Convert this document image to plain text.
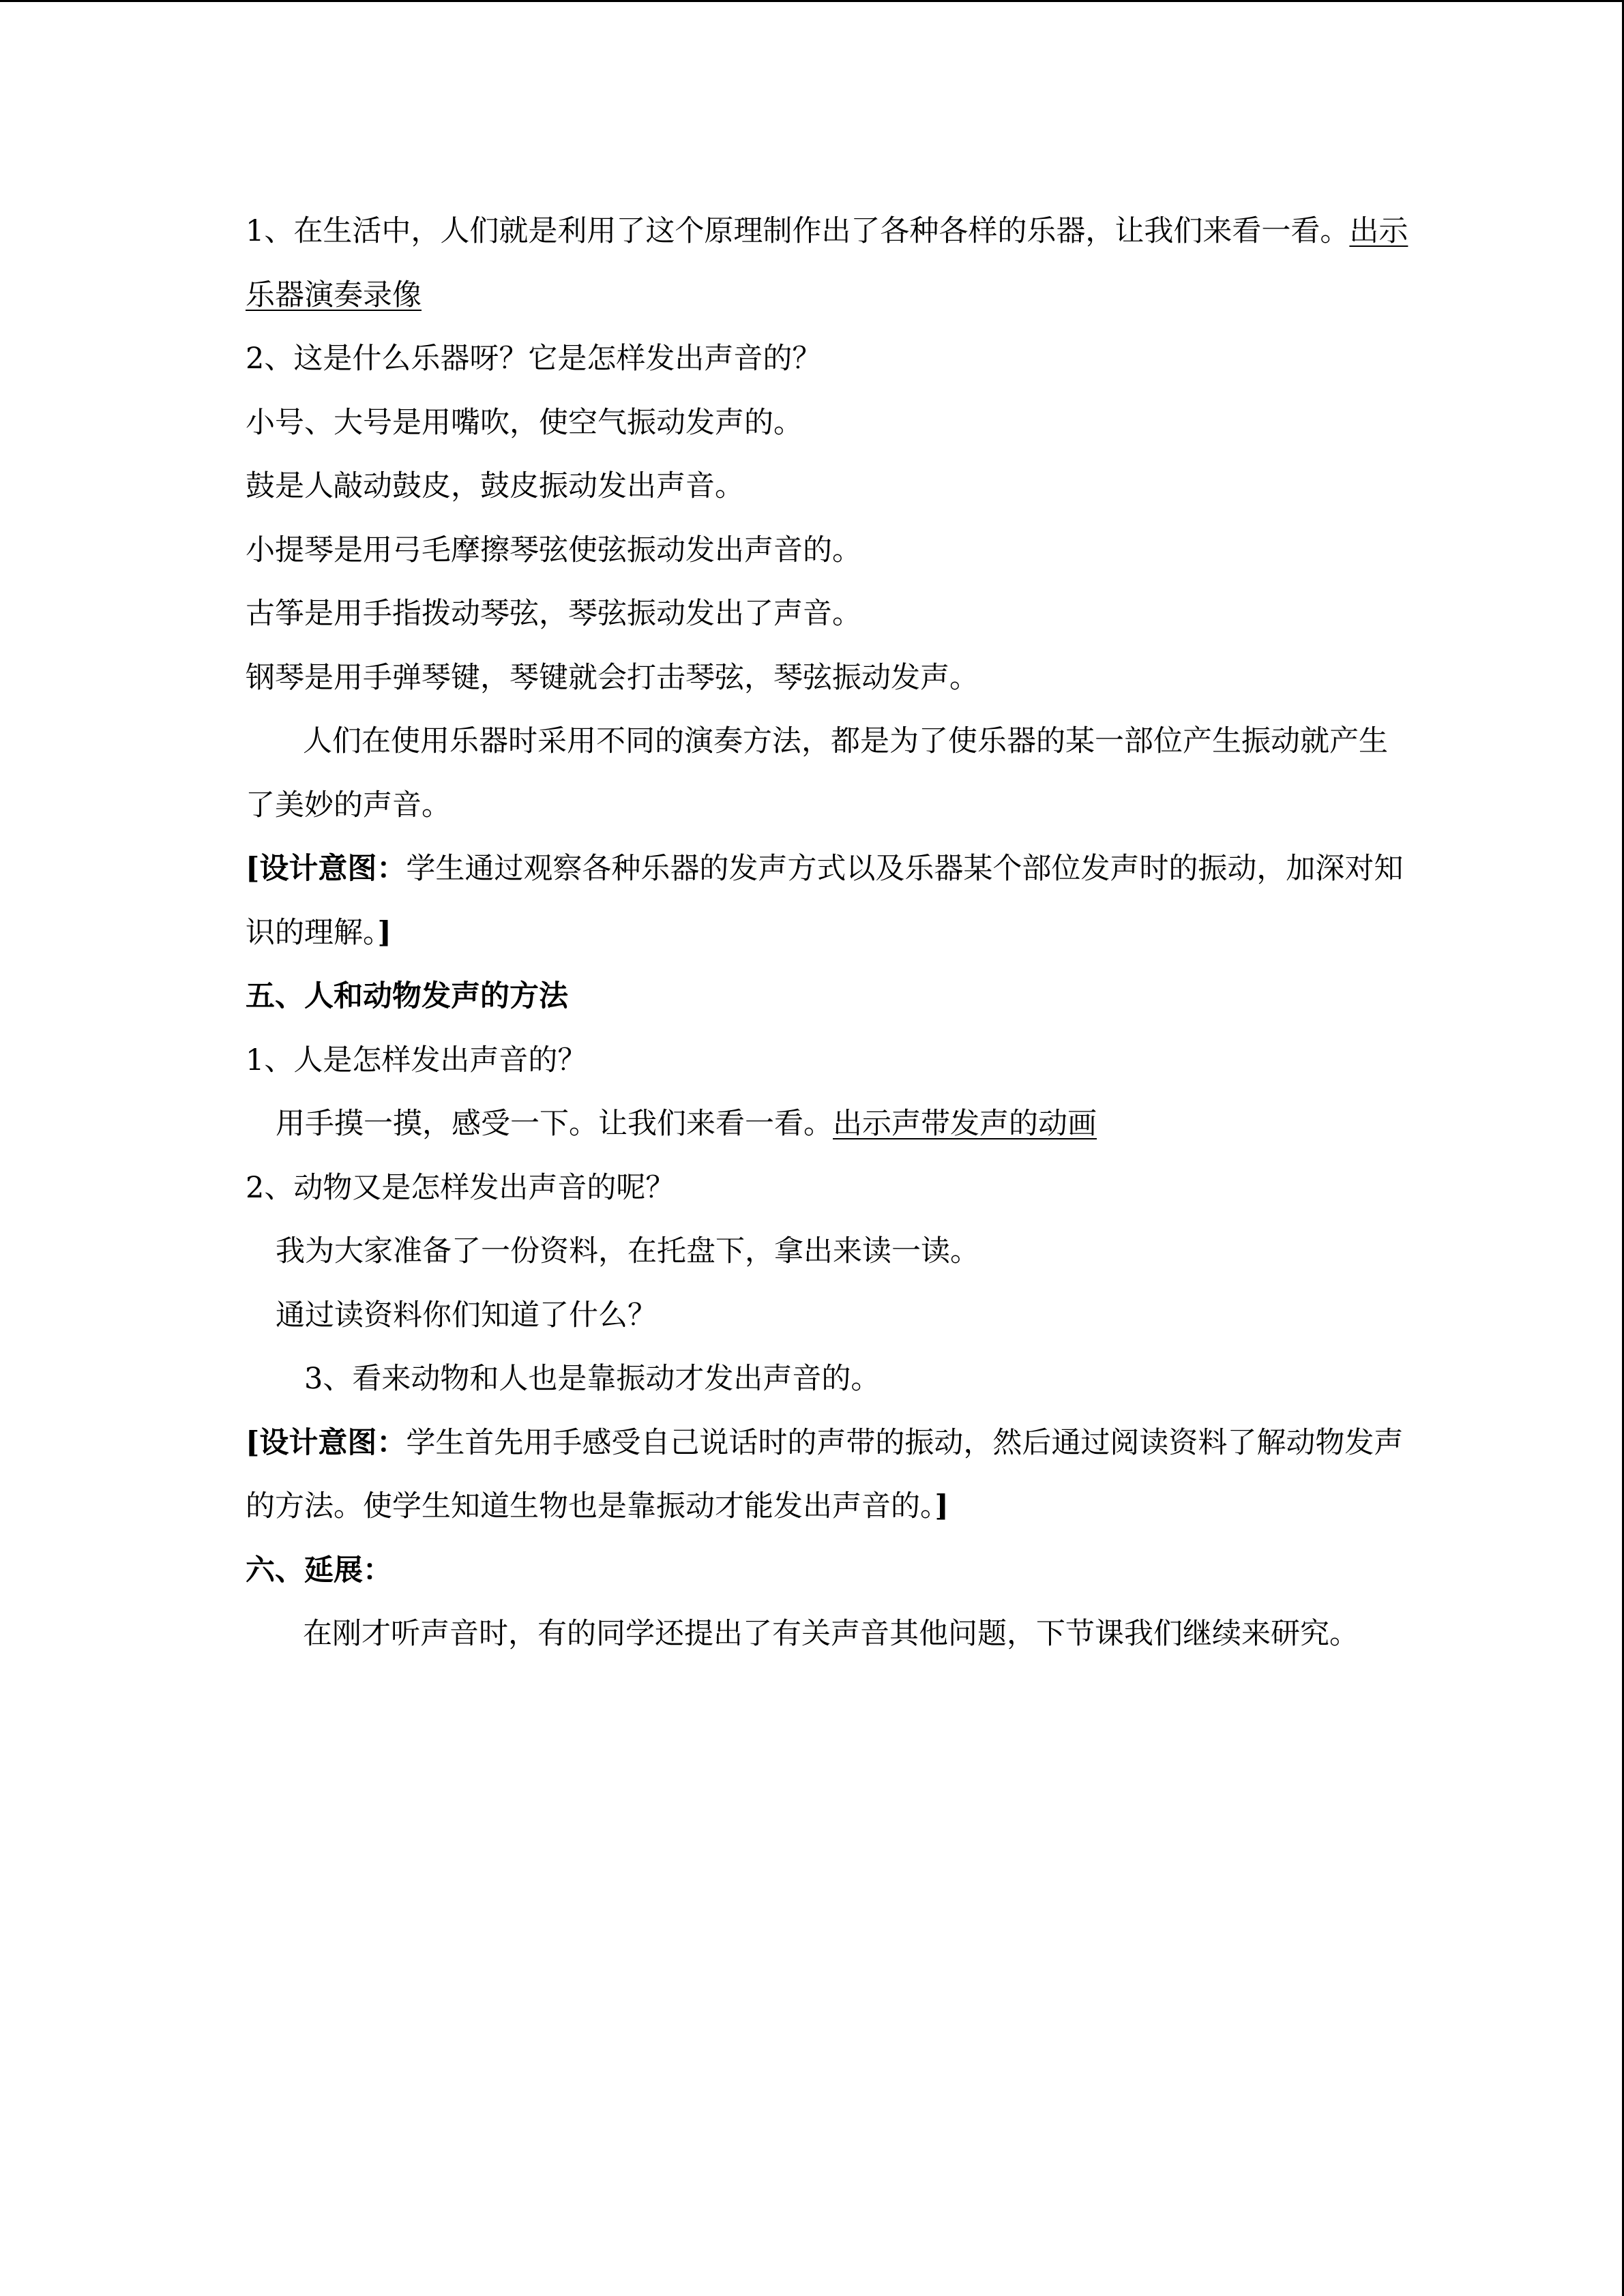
1、在生活中，人们就是利用了这个原理制作出了各种各样的乐器，让我们来看一看。出示
乐器演奏录像
2、这是什么乐器呀？它是怎样发出声音的？
小号、大号是用嘴吹，使空气振动发声的。
鼓是人敲动鼓皮，鼓皮振动发出声音。
小提琴是用弓毛摩擦琴弦使弦振动发出声音的。
古筝是用手指拨动琴弦，琴弦振动发出了声音。
钢琴是用手弹琴键，琴键就会打击琴弦，琴弦振动发声。
人们在使用乐器时采用不同的演奏方法，都是为了使乐器的某一部位产生振动就产生
了美妙的声音。
[设计意图：学生通过观察各种乐器的发声方式以及乐器某个部位发声时的振动，加深对知
识的理解。]
五、人和动物发声的方法
1、人是怎样发出声音的？
用手摸一摸，感受一下。让我们来看一看。出示声带发声的动画
2、动物又是怎样发出声音的呢？
我为大家准备了一份资料，在托盘下，拿出来读一读。
通过读资料你们知道了什么？
3、看来动物和人也是靠振动才发出声音的。
[设计意图：学生首先用手感受自己说话时的声带的振动，然后通过阅读资料了解动物发声
的方法。使学生知道生物也是靠振动才能发出声音的。]
六、延展：
在刚才听声音时，有的同学还提出了有关声音其他问题，下节课我们继续来研究。
